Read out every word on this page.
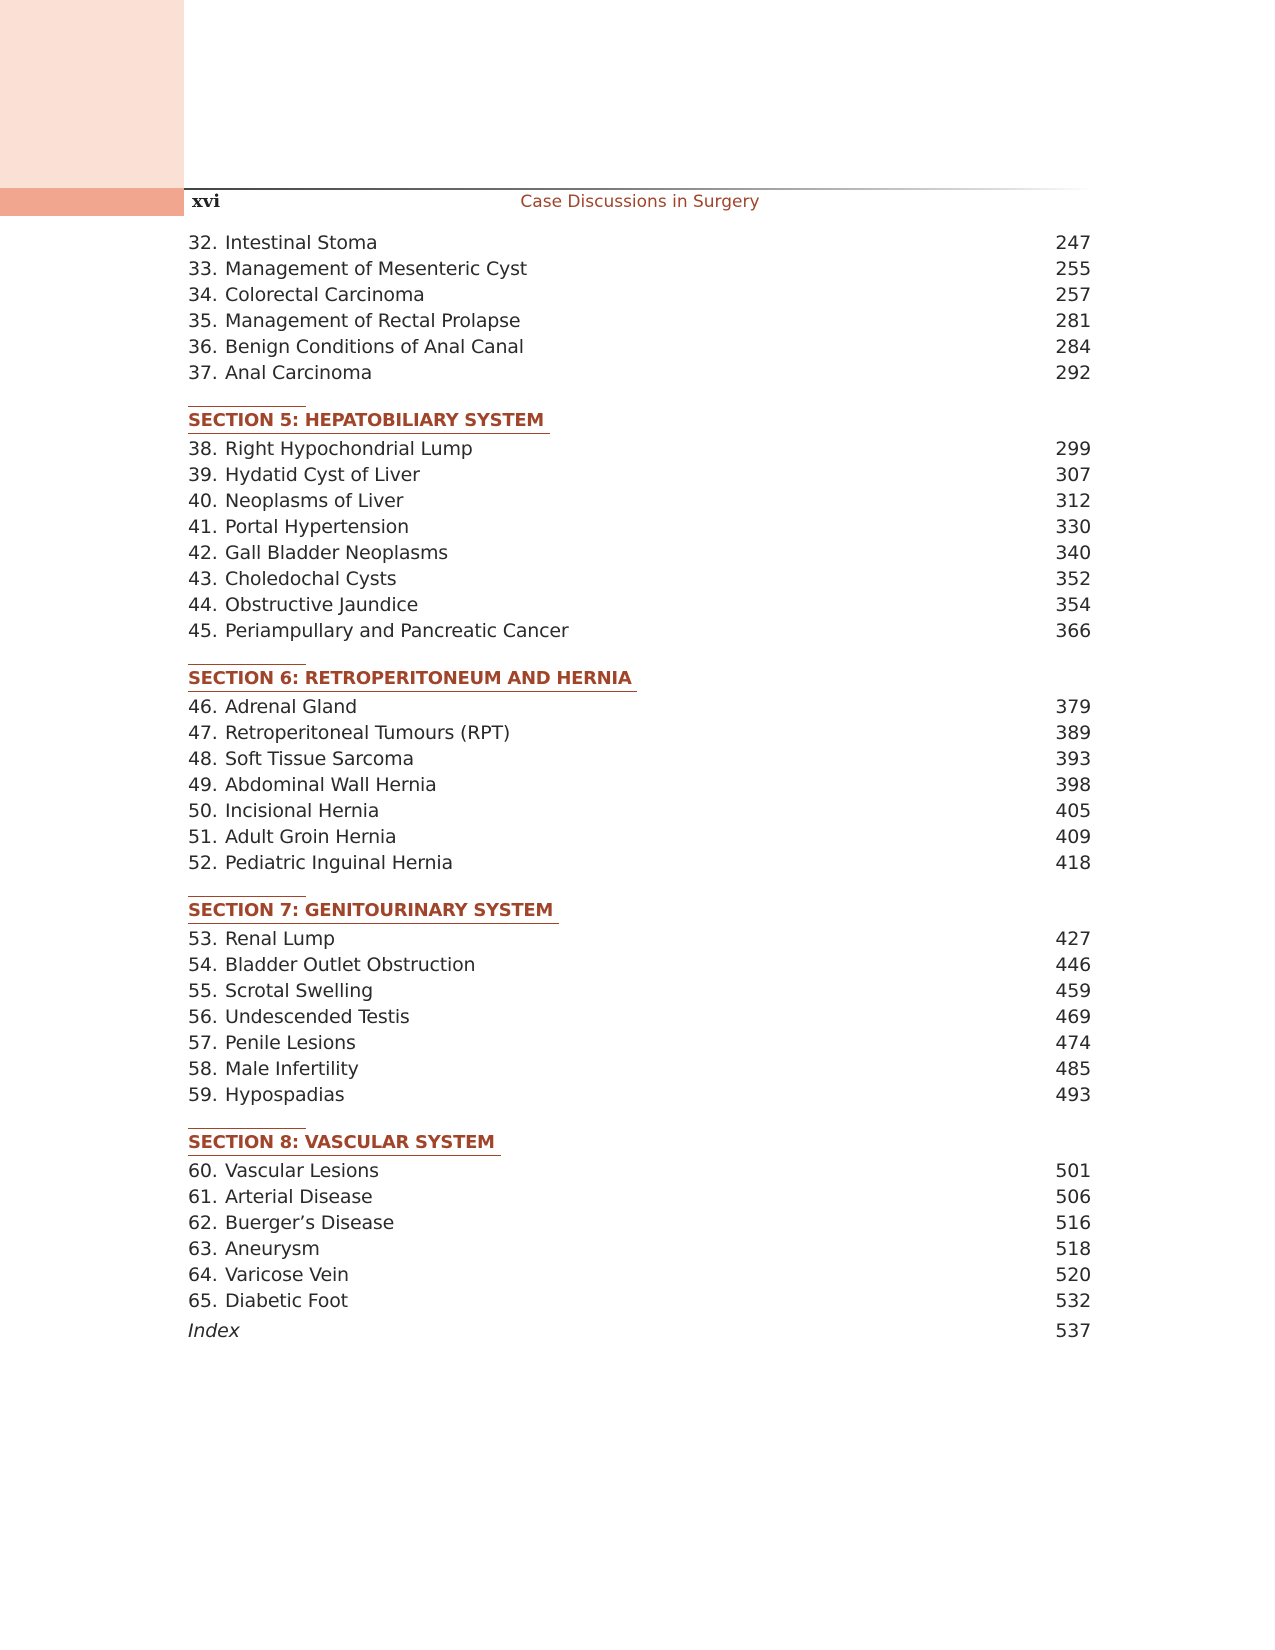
xvi	Case Discussions in Surgery
32. Intestinal Stoma	247
33. Management of Mesenteric Cyst	255
34. Colorectal Carcinoma	257
35. Management of Rectal Prolapse	281
36. Benign Conditions of Anal Canal	284
37. Anal Carcinoma	292
SECTION 5: HEPATOBILIARY SYSTEM
38. Right Hypochondrial Lump	299
39. Hydatid Cyst of Liver	307
40. Neoplasms of Liver	312
41. Portal Hypertension	330
42. Gall Bladder Neoplasms	340
43. Choledochal Cysts	352
44. Obstructive Jaundice	354
45. Periampullary and Pancreatic Cancer	366
SECTION 6: RETROPERITONEUM AND HERNIA
46. Adrenal Gland	379
47. Retroperitoneal Tumours (RPT)	389
48. Soft Tissue Sarcoma	393
49. Abdominal Wall Hernia	398
50. Incisional Hernia	405
51. Adult Groin Hernia	409
52. Pediatric Inguinal Hernia	418
SECTION 7: GENITOURINARY SYSTEM
53. Renal Lump	427
54. Bladder Outlet Obstruction	446
55. Scrotal Swelling	459
56. Undescended Testis	469
57. Penile Lesions	474
58. Male Infertility	485
59. Hypospadias	493
SECTION 8: VASCULAR SYSTEM
60. Vascular Lesions	501
61. Arterial Disease	506
62. Buerger’s Disease	516
63. Aneurysm	518
64. Varicose Vein	520
65. Diabetic Foot	532
Index	537
